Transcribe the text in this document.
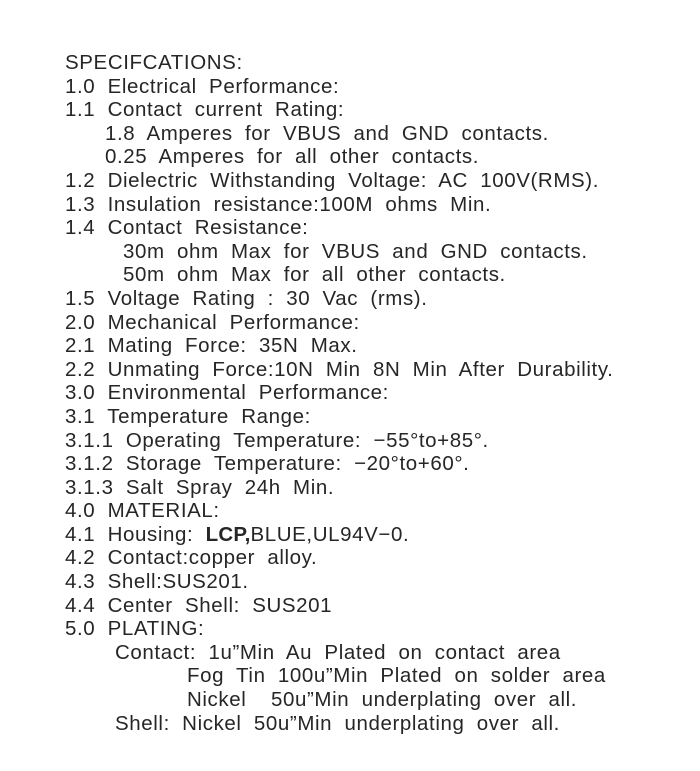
SPECIFCATIONS:
1.0 Electrical Performance:
1.1 Contact current Rating:
1.8 Amperes for VBUS and GND contacts.
0.25 Amperes for all other contacts.
1.2 Dielectric Withstanding Voltage: AC 100V(RMS).
1.3 Insulation resistance:100M ohms Min.
1.4 Contact Resistance:
30m ohm Max for VBUS and GND contacts.
50m ohm Max for all other contacts.
1.5 Voltage Rating : 30 Vac (rms).
2.0 Mechanical Performance:
2.1 Mating Force: 35N Max.
2.2 Unmating Force:10N Min 8N Min After Durability.
3.0 Environmental Performance:
3.1 Temperature Range:
3.1.1 Operating Temperature: −55°to+85°.
3.1.2 Storage Temperature: −20°to+60°.
3.1.3 Salt Spray 24h Min.
4.0 MATERIAL:
4.1 Housing: LCP,BLUE,UL94V−0.
4.2 Contact:copper alloy.
4.3 Shell:SUS201.
4.4 Center Shell: SUS201
5.0 PLATING:
Contact: 1u”Min Au Plated on contact area
Fog Tin 100u”Min Plated on solder area
Nickel  50u”Min underplating over all.
Shell: Nickel 50u”Min underplating over all.
